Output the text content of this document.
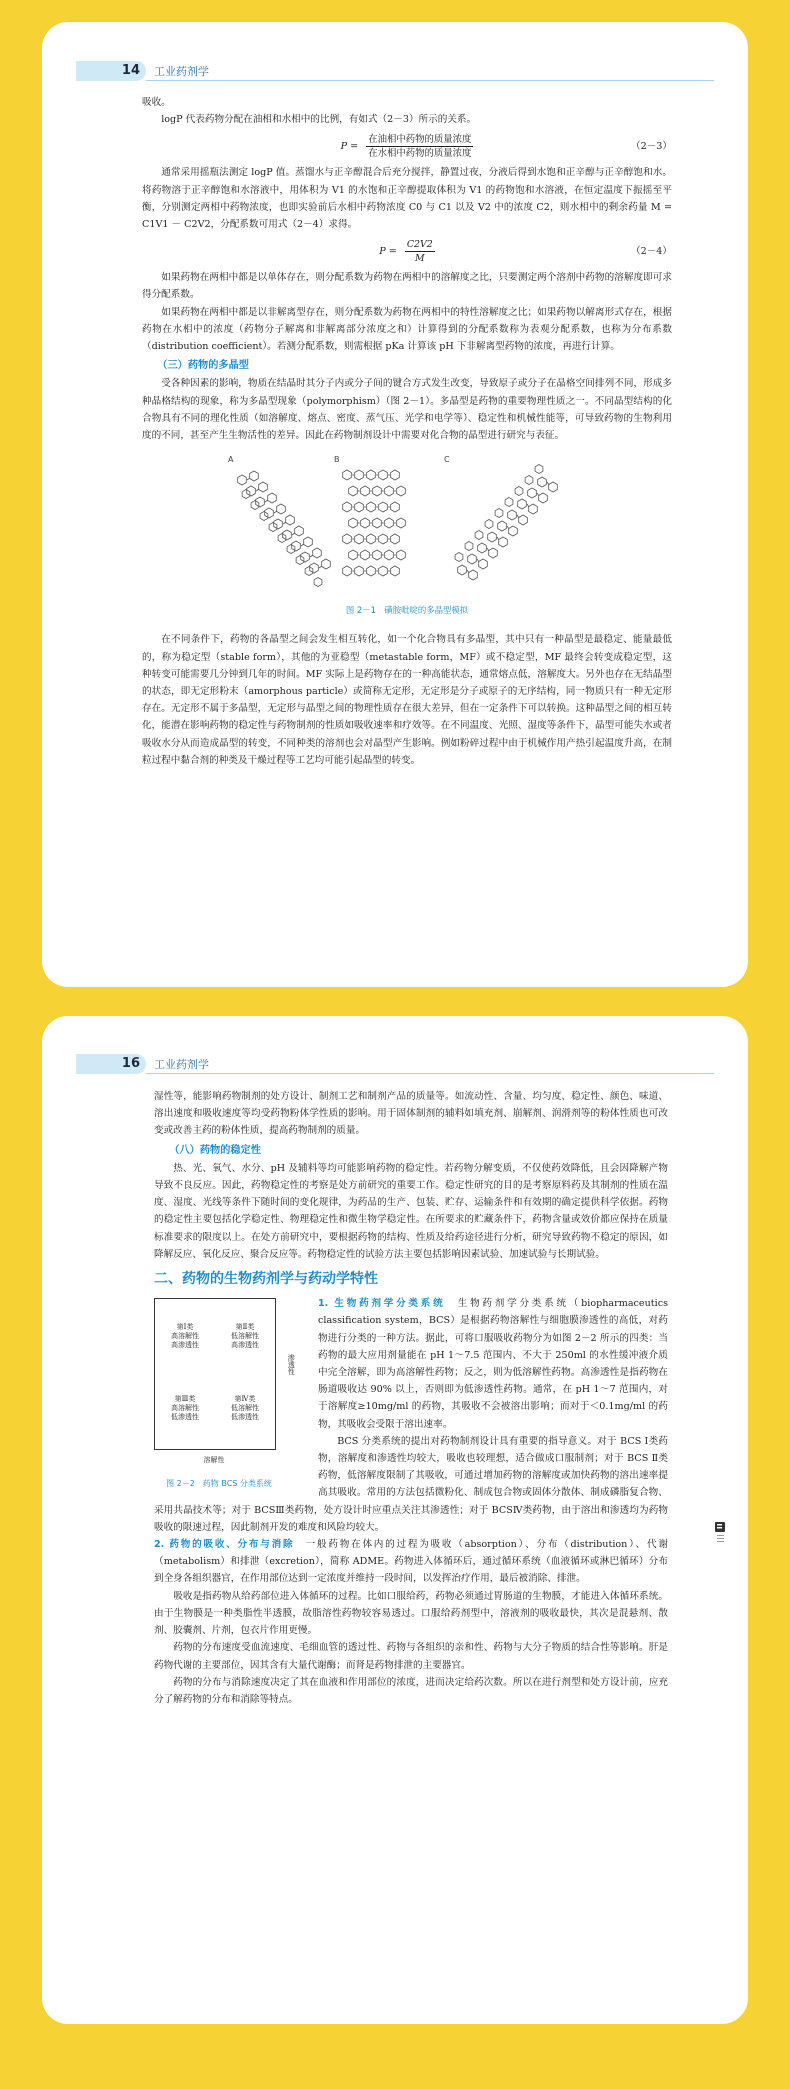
14	工业药剂学

吸收。

logP 代表药物分配在油相和水相中的比例，有如式（2－3）所示的关系。

$P = \frac{\text{在油相中药物的质量浓度}}{\text{在水相中药物的质量浓度}}$	（2－3）

通常采用摇瓶法测定 logP 值。蒸馏水与正辛醇混合后充分搅拌，静置过夜，分液后得到水饱和正辛醇与正辛醇饱和水。将药物溶于正辛醇饱和水溶液中，用体积为 V1 的水饱和正辛醇提取体积为 V1 的药物饱和水溶液，在恒定温度下振摇至平衡，分别测定两相中药物浓度，也即实验前后水相中药物浓度 C0 与 C1 以及 V2 中的浓度 C2，则水相中的剩余药量 M = C1V1 － C2V2，分配系数可用式（2－4）求得。

$P = \frac{C2V2}{M}$	（2－4）

如果药物在两相中都是以单体存在，则分配系数为药物在两相中的溶解度之比，只要测定两个溶剂中药物的溶解度即可求得分配系数。

如果药物在两相中都是以非解离型存在，则分配系数为药物在两相中的特性溶解度之比；如果药物以解离形式存在，根据药物在水相中的浓度（药物分子解离和非解离部分浓度之和）计算得到的分配系数称为表观分配系数，也称为分布系数（distribution coefficient）。若测分配系数，则需根据 pKa 计算该 pH 下非解离型药物的浓度，再进行计算。

（三）药物的多晶型

受各种因素的影响，物质在结晶时其分子内或分子间的键合方式发生改变，导致原子或分子在晶格空间排列不同，形成多种晶格结构的现象，称为多晶型现象（polymorphism）（图 2－1）。多晶型是药物的重要物理性质之一。不同晶型结构的化合物具有不同的理化性质（如溶解度、熔点、密度、蒸气压、光学和电学等）、稳定性和机械性能等，可导致药物的生物利用度的不同，甚至产生生物活性的差异。因此在药物制剂设计中需要对化合物的晶型进行研究与表征。

A	B	C
图 2－1　磺胺吡啶的多晶型模拟

在不同条件下，药物的各晶型之间会发生相互转化，如一个化合物具有多晶型，其中只有一种晶型是最稳定、能量最低的，称为稳定型（stable form），其他的为亚稳型（metastable form，MF）或不稳定型，MF 最终会转变成稳定型，这种转变可能需要几分钟到几年的时间。MF 实际上是药物存在的一种高能状态，通常熔点低，溶解度大。另外也存在无结晶型的状态，即无定形粉末（amorphous particle）或简称无定形，无定形是分子或原子的无序结构，同一物质只有一种无定形存在。无定形不属于多晶型，无定形与晶型之间的物理性质存在很大差异，但在一定条件下可以转换。这种晶型之间的相互转化，能潜在影响药物的稳定性与药物制剂的性质如吸收速率和疗效等。在不同温度、光照、湿度等条件下，晶型可能失水或者吸收水分从而造成晶型的转变，不同种类的溶剂也会对晶型产生影响。例如粉碎过程中由于机械作用产热引起温度升高，在制粒过程中黏合剂的种类及干燥过程等工艺均可能引起晶型的转变。

16	工业药剂学

湿性等，能影响药物制剂的处方设计、制剂工艺和制剂产品的质量等。如流动性、含量、均匀度、稳定性、颜色、味道、溶出速度和吸收速度等均受药物粉体学性质的影响。用于固体制剂的辅料如填充剂、崩解剂、润滑剂等的粉体性质也可改变或改善主药的粉体性质，提高药物制剂的质量。

（八）药物的稳定性

热、光、氧气、水分、pH 及辅料等均可能影响药物的稳定性。若药物分解变质，不仅使药效降低，且会因降解产物导致不良反应。因此，药物稳定性的考察是处方前研究的重要工作。稳定性研究的目的是考察原料药及其制剂的性质在温度、湿度、光线等条件下随时间的变化规律，为药品的生产、包装、贮存、运输条件和有效期的确定提供科学依据。药物的稳定性主要包括化学稳定性、物理稳定性和微生物学稳定性。在所要求的贮藏条件下，药物含量或效价都应保持在质量标准要求的限度以上。在处方前研究中，要根据药物的结构、性质及给药途径进行分析，研究导致药物不稳定的原因，如降解反应、氧化反应、聚合反应等。药物稳定性的试验方法主要包括影响因素试验、加速试验与长期试验。

二、药物的生物药剂学与药动学特性
第Ⅰ类
高溶解性
高渗透性
第Ⅱ类
低溶解性
高渗透性
第Ⅲ类
高溶解性
低渗透性
第Ⅳ类
低溶解性
低渗透性
渗透性
溶解性
图 2－2　药物 BCS 分类系统

1. 生物药剂学分类系统　 生物药剂学分类系统（biopharmaceutics classification system，BCS）是根据药物溶解性与细胞膜渗透性的高低，对药物进行分类的一种方法。据此，可将口服吸收药物分为如图 2－2 所示的四类：当药物的最大应用剂量能在 pH 1～7.5 范围内、不大于 250ml 的水性缓冲液介质中完全溶解，即为高溶解性药物；反之，则为低溶解性药物。高渗透性是指药物在肠道吸收达 90% 以上，否则即为低渗透性药物。通常，在 pH 1～7 范围内，对于溶解度≥10mg/ml 的药物，其吸收不会被溶出影响；而对于＜0.1mg/ml 的药物，其吸收会受限于溶出速率。

BCS 分类系统的提出对药物制剂设计具有重要的指导意义。对于 BCS Ⅰ类药物，溶解度和渗透性均较大，吸收也较理想，适合做成口服制剂；对于 BCS Ⅱ类药物，低溶解度限制了其吸收，可通过增加药物的溶解度或加快药物的溶出速率提高其吸收。常用的方法包括微粉化、制成包合物或固体分散体、制成磷脂复合物、采用共晶技术等；对于 BCSⅢ类药物，处方设计时应重点关注其渗透性；对于 BCSⅣ类药物，由于溶出和渗透均为药物吸收的限速过程，因此制剂开发的难度和风险均较大。

2. 药物的吸收、分布与消除　 一般药物在体内的过程为吸收（absorption）、分布（distribution）、代谢（metabolism）和排泄（excretion），简称 ADME。药物进入体循环后，通过循环系统（血液循环或淋巴循环）分布到全身各组织器官，在作用部位达到一定浓度并维持一段时间，以发挥治疗作用，最后被消除、排泄。

吸收是指药物从给药部位进入体循环的过程。比如口服给药，药物必须通过胃肠道的生物膜，才能进入体循环系统。由于生物膜是一种类脂性半透膜，故脂溶性药物较容易透过。口服给药剂型中，溶液剂的吸收最快，其次是混悬剂、散剂、胶囊剂、片剂，包衣片作用更慢。

药物的分布速度受血流速度、毛细血管的透过性、药物与各组织的亲和性、药物与大分子物质的结合性等影响。肝是药物代谢的主要部位，因其含有大量代谢酶；而肾是药物排泄的主要器官。

药物的分布与消除速度决定了其在血液和作用部位的浓度，进而决定给药次数。所以在进行剂型和处方设计前，应充分了解药物的分布和消除等特点。
